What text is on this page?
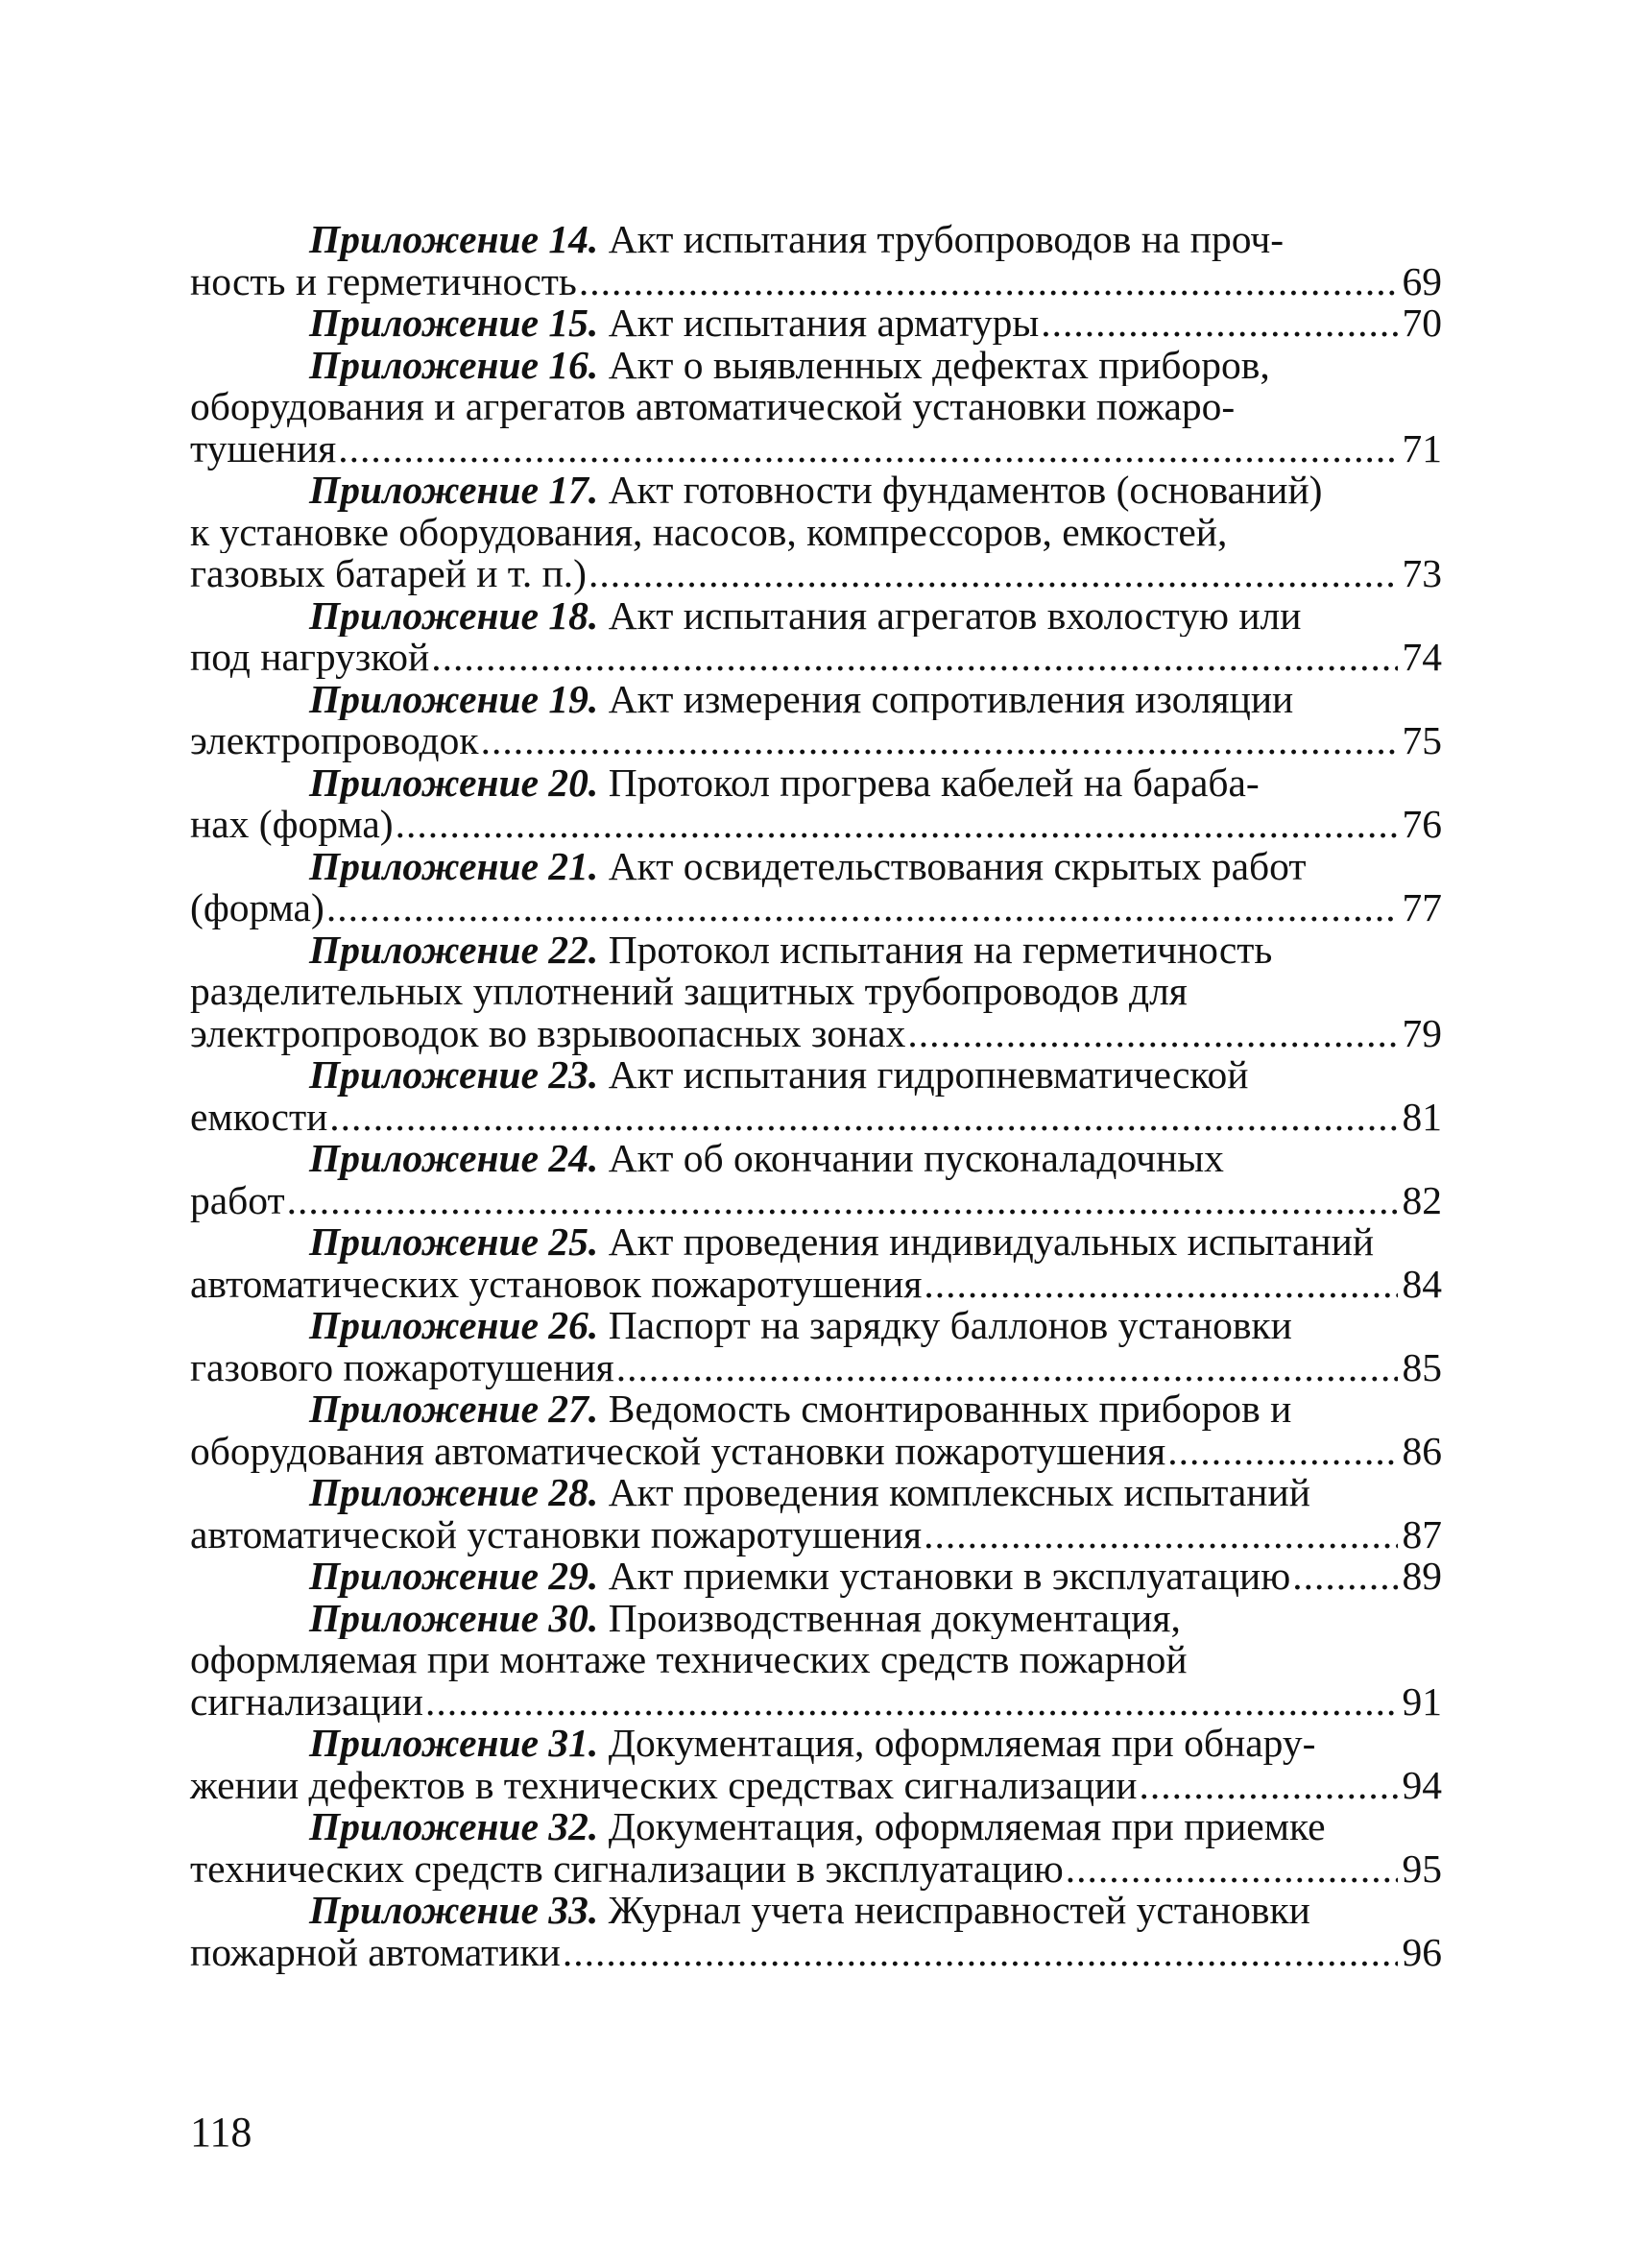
Приложение 14. Акт испытания трубопроводов на проч-
ность и герметичность .....	69
Приложение 15. Акт испытания арматуры .....	70
Приложение 16. Акт о выявленных дефектах приборов,
оборудования и агрегатов автоматической установки пожаро-
тушения .....	71
Приложение 17. Акт готовности фундаментов (оснований)
к установке оборудования, насосов, компрессоров, емкостей,
газовых батарей и т. п.) .....	73
Приложение 18. Акт испытания агрегатов вхолостую или
под нагрузкой .....	74
Приложение 19. Акт измерения сопротивления изоляции
электропроводок .....	75
Приложение 20. Протокол прогрева кабелей на бараба-
нах (форма) .....	76
Приложение 21. Акт освидетельствования скрытых работ
(форма) .....	77
Приложение 22. Протокол испытания на герметичность
разделительных уплотнений защитных трубопроводов для
электропроводок во взрывоопасных зонах .....	79
Приложение 23. Акт испытания гидропневматической
емкости .....	81
Приложение 24. Акт об окончании пусконаладочных
работ .....	82
Приложение 25. Акт проведения индивидуальных испытаний
автоматических установок пожаротушения .....	84
Приложение 26. Паспорт на зарядку баллонов установки
газового пожаротушения .....	85
Приложение 27. Ведомость смонтированных приборов и
оборудования автоматической установки пожаротушения .....	86
Приложение 28. Акт проведения комплексных испытаний
автоматической установки пожаротушения .....	87
Приложение 29. Акт приемки установки в эксплуатацию .....	89
Приложение 30. Производственная документация,
оформляемая при монтаже технических средств пожарной
сигнализации .....	91
Приложение 31. Документация, оформляемая при обнару-
жении дефектов в технических средствах сигнализации .....	94
Приложение 32. Документация, оформляемая при приемке
технических средств сигнализации в эксплуатацию .....	95
Приложение 33. Журнал учета неисправностей установки
пожарной автоматики .....	96
118
